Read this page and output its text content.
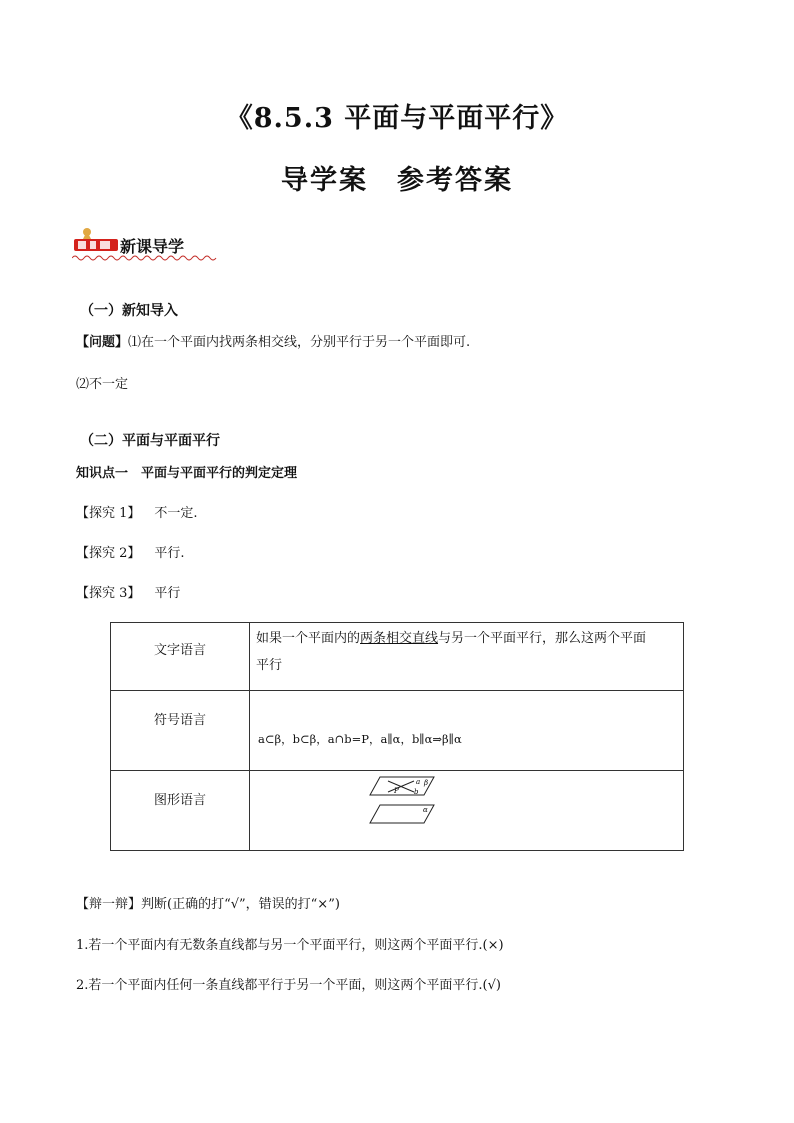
《8.5.3 平面与平面平行》
导学案　参考答案
新课导学
（一）新知导入
【问题】⑴在一个平面内找两条相交线，分别平行于另一个平面即可.
⑵不一定
（二）平面与平面平行
知识点一　平面与平面平行的判定定理
【探究 1】 不一定.
【探究 2】 平行.
【探究 3】 平行
文字语言	如果一个平面内的两条相交直线与另一个平面平行，那么这两个平面
平行
符号语言	a⊂β，b⊂β，a∩b=P，a∥α，b∥α⇒β∥α
图形语言	a
b
P
β
α
【辩一辩】判断(正确的打“√”，错误的打“×”)
1.若一个平面内有无数条直线都与另一个平面平行，则这两个平面平行.(×)
2.若一个平面内任何一条直线都平行于另一个平面，则这两个平面平行.(√)
